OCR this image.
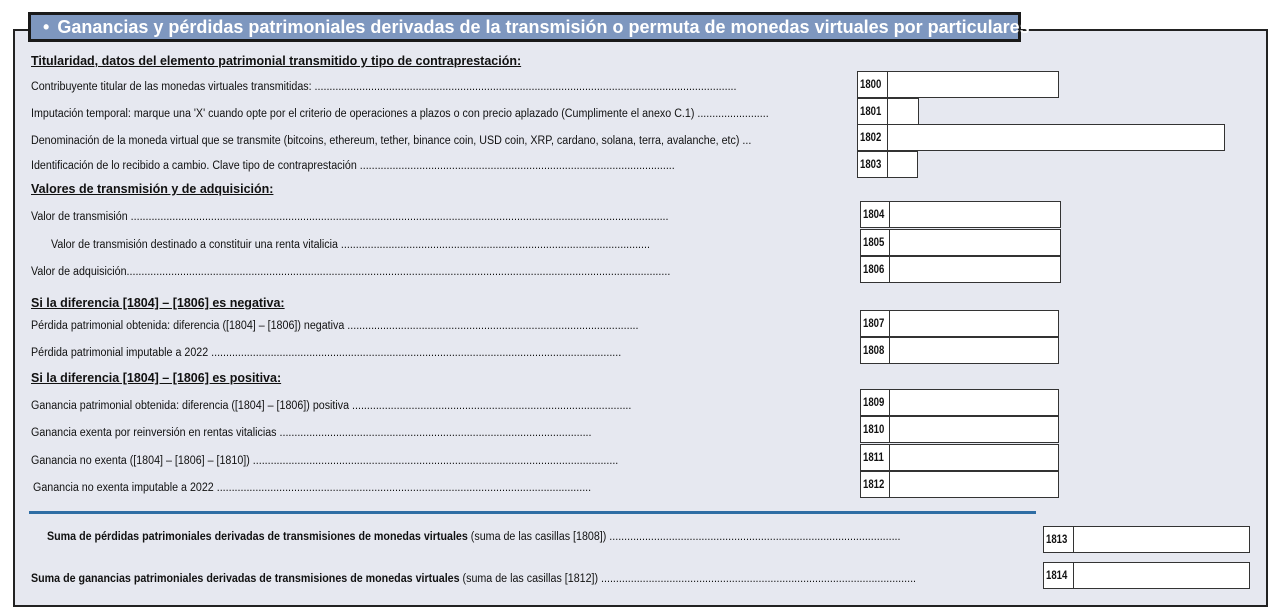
• Ganancias y pérdidas patrimoniales derivadas de la transmisión o permuta de monedas virtuales por particulares
Titularidad, datos del elemento patrimonial transmitido y tipo de contraprestación:
Valores de transmisión y de adquisición:
Si la diferencia [1804] – [1806] es negativa:
Si la diferencia [1804] – [1806] es positiva:
Contribuyente titular de las monedas virtuales transmitidas: ..............................................................................................................................................	1800
Imputación temporal: marque una 'X' cuando opte por el criterio de operaciones a plazos o con precio aplazado (Cumplimente el anexo C.1) ........................	1801
Denominación de la moneda virtual que se transmite (bitcoins, ethereum, tether, binance coin, USD coin, XRP, cardano, solana, terra, avalanche, etc) ...	1802
Identificación de lo recibido a cambio. Clave tipo de contraprestación ..........................................................................................................	1803
Valor de transmisión .....................................................................................................................................................................................	1804
Valor de transmisión destinado a constituir una renta vitalicia ........................................................................................................	1805
Valor de adquisición.......................................................................................................................................................................................	1806
Pérdida patrimonial obtenida: diferencia ([1804] – [1806]) negativa ..................................................................................................	1807
Pérdida patrimonial imputable a 2022 ..........................................................................................................................................	1808
Ganancia patrimonial obtenida: diferencia ([1804] – [1806]) positiva ..............................................................................................	1809
Ganancia exenta por reinversión en rentas vitalicias .........................................................................................................	1810
Ganancia no exenta ([1804] – [1806] – [1810]) ...........................................................................................................................	1811
Ganancia no exenta imputable a 2022 ..............................................................................................................................	1812
Suma de pérdidas patrimoniales derivadas de transmisiones de monedas virtuales (suma de las casillas [1808]) ..................................................................................................	1813
Suma de ganancias patrimoniales derivadas de transmisiones de monedas virtuales (suma de las casillas [1812]) ..........................................................................................................	1814
